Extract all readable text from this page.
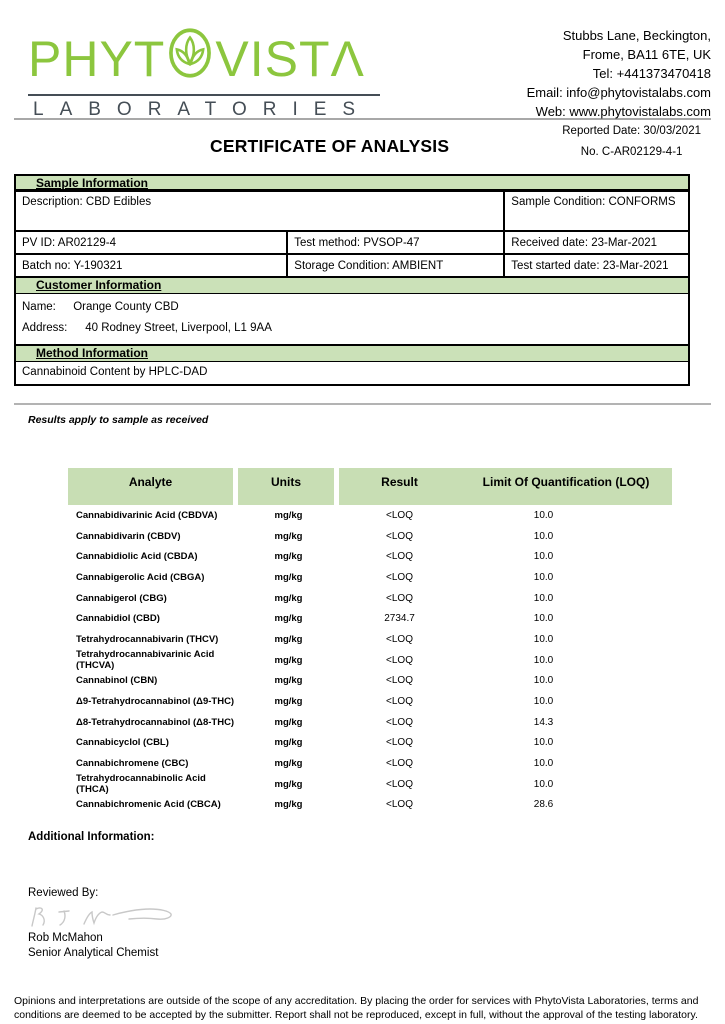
PHYT VIST Λ
LABORATORIES
Stubbs Lane, Beckington,
Frome, BA11 6TE, UK
Tel: +441373470418
Email: info@phytovistalabs.com
Web: www.phytovistalabs.com
CERTIFICATE OF ANALYSIS
Reported Date: 30/03/2021
No. C-AR02129-4-1
Sample Information
Description: CBD Edibles		Sample Condition: CONFORMS
PV ID: AR02129-4	Test method: PVSOP-47	Received date: 23-Mar-2021
Batch no: Y-190321	Storage Condition: AMBIENT	Test started date: 23-Mar-2021
Customer Information
Name: Orange County CBD
Address: 40 Rodney Street, Liverpool, L1 9AA
Method Information
Cannabinoid Content by HPLC-DAD
Results apply to sample as received
Analyte	Units	Result	Limit Of Quantification (LOQ)
Cannabidivarinic Acid (CBDVA)	mg/kg	<LOQ	10.0
Cannabidivarin (CBDV)	mg/kg	<LOQ	10.0
Cannabidiolic Acid (CBDA)	mg/kg	<LOQ	10.0
Cannabigerolic Acid (CBGA)	mg/kg	<LOQ	10.0
Cannabigerol (CBG)	mg/kg	<LOQ	10.0
Cannabidiol (CBD)	mg/kg	2734.7	10.0
Tetrahydrocannabivarin (THCV)	mg/kg	<LOQ	10.0
Tetrahydrocannabivarinic Acid (THCVA)	mg/kg	<LOQ	10.0
Cannabinol (CBN)	mg/kg	<LOQ	10.0
Δ9-Tetrahydrocannabinol (Δ9-THC)	mg/kg	<LOQ	10.0
Δ8-Tetrahydrocannabinol (Δ8-THC)	mg/kg	<LOQ	14.3
Cannabicyclol (CBL)	mg/kg	<LOQ	10.0
Cannabichromene (CBC)	mg/kg	<LOQ	10.0
Tetrahydrocannabinolic Acid (THCA)	mg/kg	<LOQ	10.0
Cannabichromenic Acid (CBCA)	mg/kg	<LOQ	28.6
Additional Information:
Reviewed By:
Rob McMahon
Senior Analytical Chemist
Opinions and interpretations are outside of the scope of any accreditation. By placing the order for services with PhytoVista Laboratories, terms and conditions are deemed to be accepted by the submitter. Report shall not be reproduced, except in full, without the approval of the testing laboratory.
